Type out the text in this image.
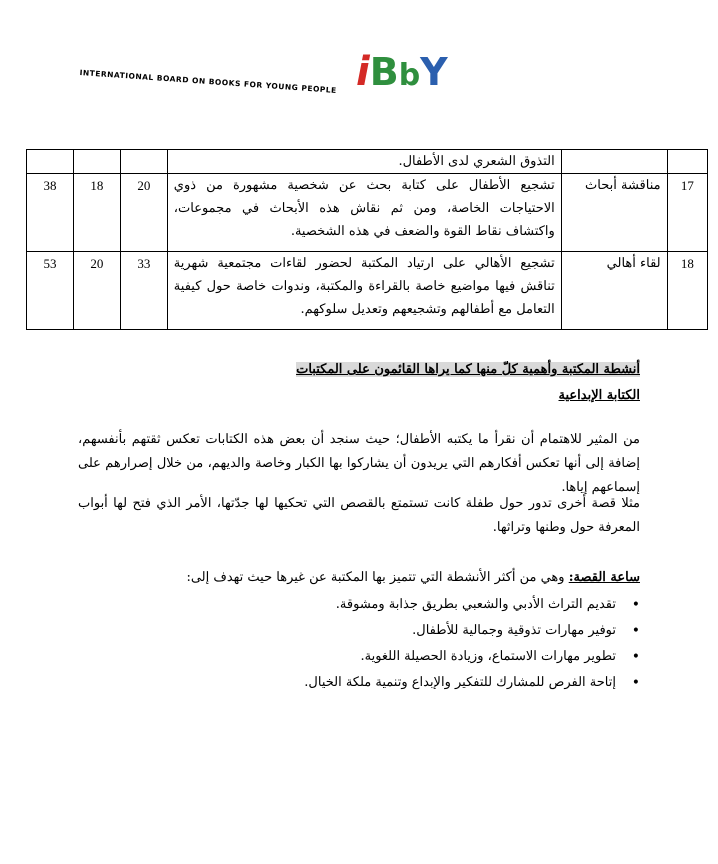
INTERNATIONAL BOARD ON BOOKS FOR YOUNG PEOPLE iBbY
		التذوق الشعري لدى الأطفال.			
17	مناقشة أبحاث	تشجيع الأطفال على كتابة بحث عن شخصية مشهورة من ذوي الاحتياجات الخاصة، ومن ثم نقاش هذه الأبحاث في مجموعات، واكتشاف نقاط القوة والضعف في هذه الشخصية.	20	18	38
18	لقاء أهالي	تشجيع الأهالي على ارتياد المكتبة لحضور لقاءات مجتمعية شهرية تناقش فيها مواضيع خاصة بالقراءة والمكتبة، وندوات خاصة حول كيفية التعامل مع أطفالهم وتشجيعهم وتعديل سلوكهم.	33	20	53
أنشطة المكتبة وأهمية كلّ منها كما يراها القائمون على المكتبات
الكتابة الإبداعية
من المثير للاهتمام أن نقرأ ما يكتبه الأطفال؛ حيث سنجد أن بعض هذه الكتابات تعكس ثقتهم بأنفسهم، إضافة إلى أنها تعكس أفكارهم التي يريدون أن يشاركوا بها الكبار وخاصة والديهم، من خلال إصرارهم على إسماعهم إياها.
مثلا قصة أخرى تدور حول طفلة كانت تستمتع بالقصص التي تحكيها لها جدّتها، الأمر الذي فتح لها أبواب المعرفة حول وطنها وتراثها.
ساعة القصة: وهي من أكثر الأنشطة التي تتميز بها المكتبة عن غيرها حيث تهدف إلى:
• تقديم التراث الأدبي والشعبي بطريق جذابة ومشوقة.
• توفير مهارات تذوقية وجمالية للأطفال.
• تطوير مهارات الاستماع، وزيادة الحصيلة اللغوية.
• إتاحة الفرص للمشارك للتفكير والإبداع وتنمية ملكة الخيال.
